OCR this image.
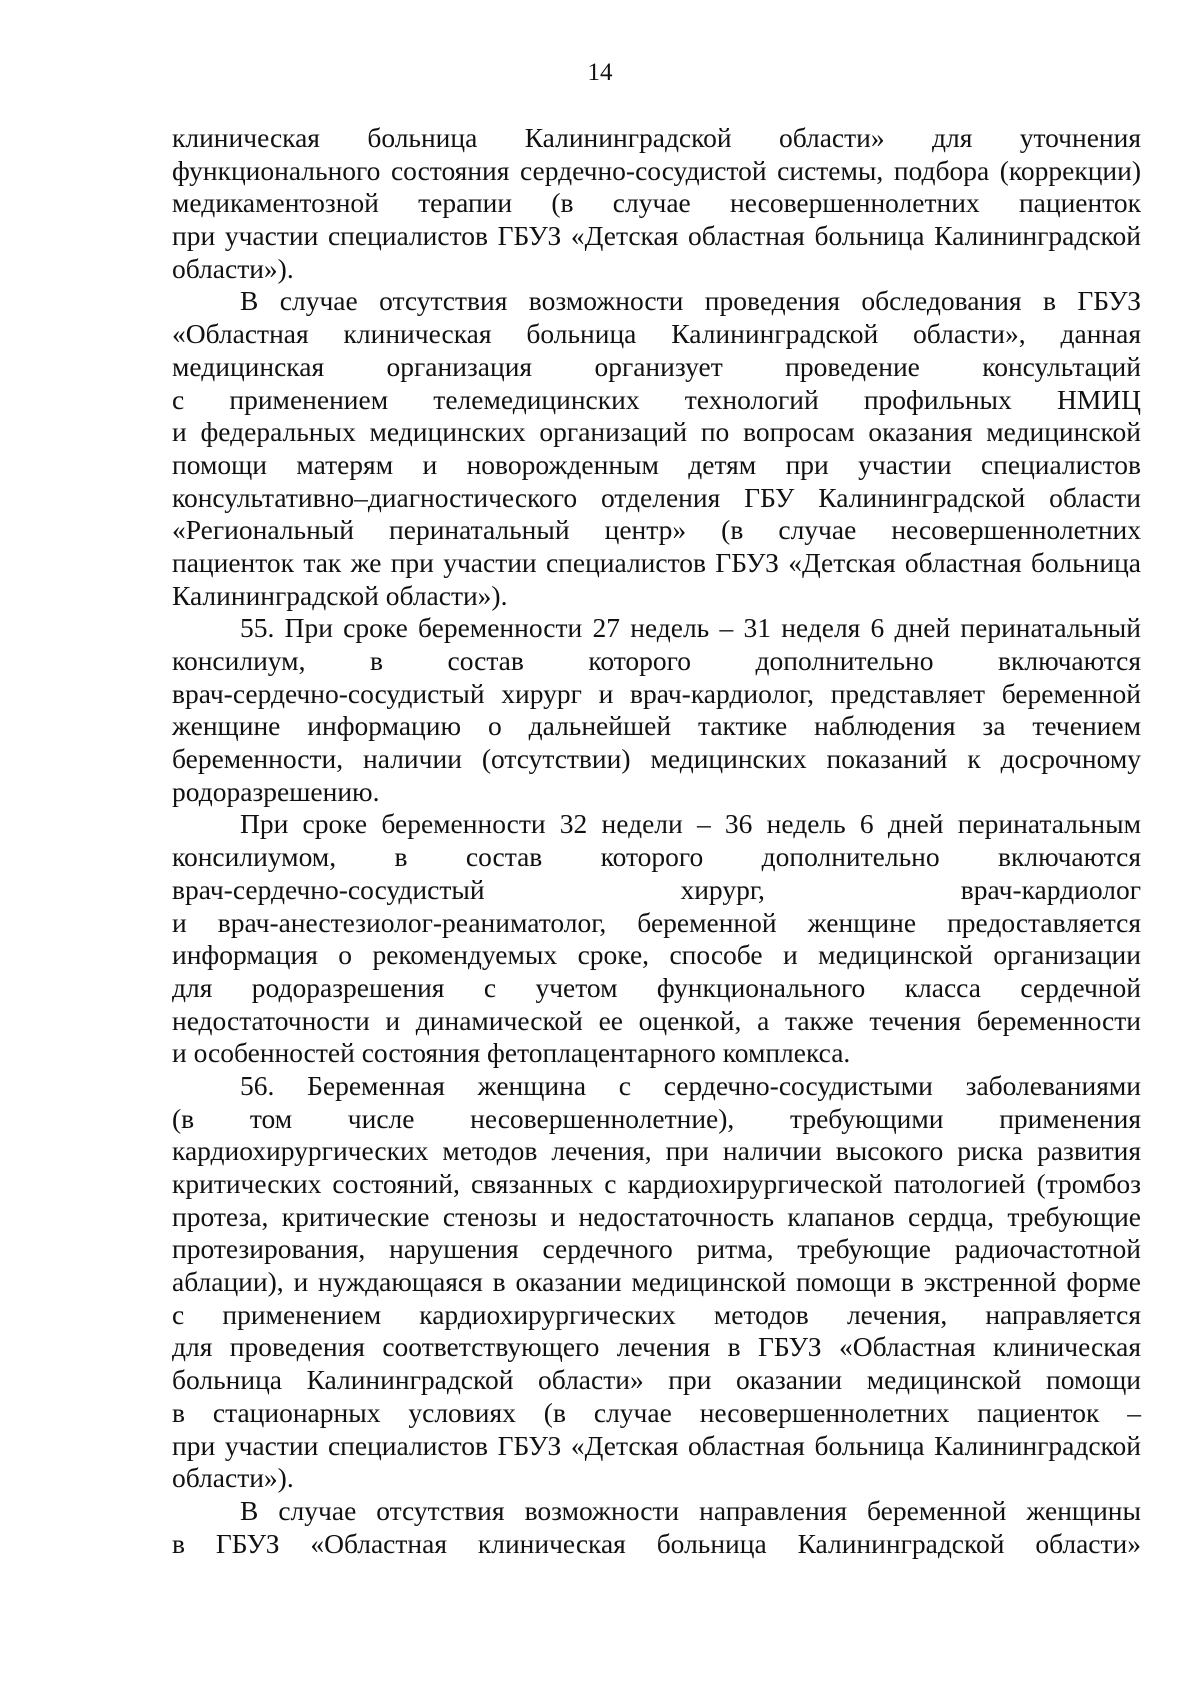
14
клиническая больница Калининградской области» для уточнения
функционального состояния сердечно-сосудистой системы, подбора (коррекции)
медикаментозной терапии (в случае несовершеннолетних пациенток
при участии специалистов ГБУЗ «Детская областная больница Калининградской
области»).
В случае отсутствия возможности проведения обследования в ГБУЗ
«Областная клиническая больница Калининградской области», данная
медицинская организация организует проведение консультаций
с применением телемедицинских технологий профильных НМИЦ
и федеральных медицинских организаций по вопросам оказания медицинской
помощи матерям и новорожденным детям при участии специалистов
консультативно–диагностического отделения ГБУ Калининградской области
«Региональный перинатальный центр» (в случае несовершеннолетних
пациенток так же при участии специалистов ГБУЗ «Детская областная больница
Калининградской области»).
55. При сроке беременности 27 недель – 31 неделя 6 дней перинатальный
консилиум, в состав которого дополнительно включаются
врач-сердечно-сосудистый хирург и врач-кардиолог, представляет беременной
женщине информацию о дальнейшей тактике наблюдения за течением
беременности, наличии (отсутствии) медицинских показаний к досрочному
родоразрешению.
При сроке беременности 32 недели – 36 недель 6 дней перинатальным
консилиумом, в состав которого дополнительно включаются
врач-сердечно-сосудистый хирург, врач-кардиолог
и врач-анестезиолог-реаниматолог, беременной женщине предоставляется
информация о рекомендуемых сроке, способе и медицинской организации
для родоразрешения с учетом функционального класса сердечной
недостаточности и динамической ее оценкой, а также течения беременности
и особенностей состояния фетоплацентарного комплекса.
56. Беременная женщина с сердечно-сосудистыми заболеваниями
(в том числе несовершеннолетние), требующими применения
кардиохирургических методов лечения, при наличии высокого риска развития
критических состояний, связанных с кардиохирургической патологией (тромбоз
протеза, критические стенозы и недостаточность клапанов сердца, требующие
протезирования, нарушения сердечного ритма, требующие радиочастотной
аблации), и нуждающаяся в оказании медицинской помощи в экстренной форме
с применением кардиохирургических методов лечения, направляется
для проведения соответствующего лечения в ГБУЗ «Областная клиническая
больница Калининградской области» при оказании медицинской помощи
в стационарных условиях (в случае несовершеннолетних пациенток –
при участии специалистов ГБУЗ «Детская областная больница Калининградской
области»).
В случае отсутствия возможности направления беременной женщины
в ГБУЗ «Областная клиническая больница Калининградской области»
